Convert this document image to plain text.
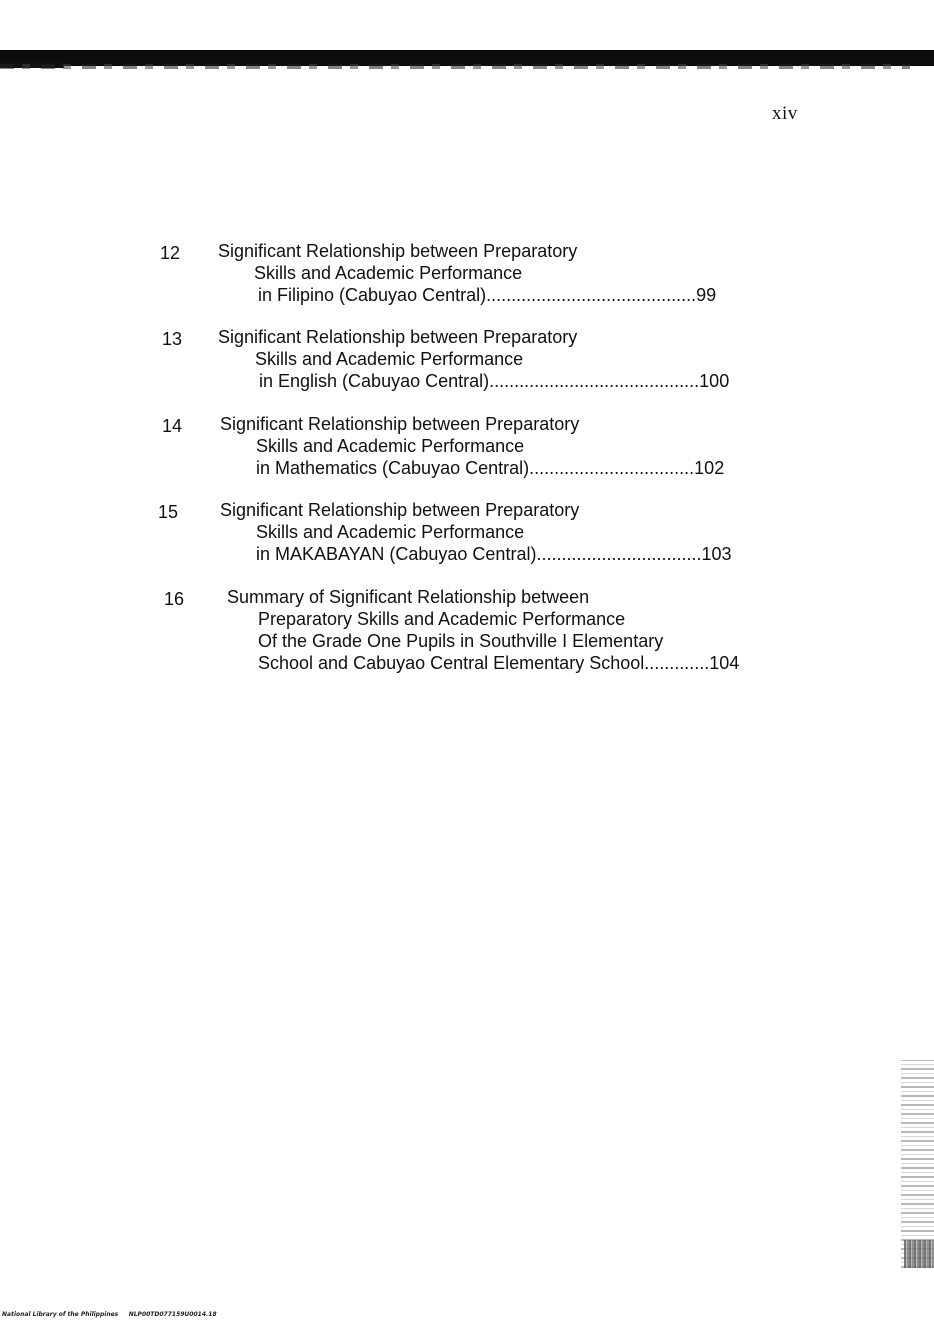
xiv
12 Significant Relationship between Preparatory
Skills and Academic Performance
in Filipino (Cabuyao Central)..........................................99
13 Significant Relationship between Preparatory
Skills and Academic Performance
in English (Cabuyao Central)..........................................100
14 Significant Relationship between Preparatory
Skills and Academic Performance
in Mathematics (Cabuyao Central).................................102
15 Significant Relationship between Preparatory
Skills and Academic Performance
in MAKABAYAN (Cabuyao Central).................................103
16 Summary of Significant Relationship between
Preparatory Skills and Academic Performance
Of the Grade One Pupils in Southville I Elementary
School and Cabuyao Central Elementary School.............104
National Library of the Philippines NLP00TD077159U0014.18
